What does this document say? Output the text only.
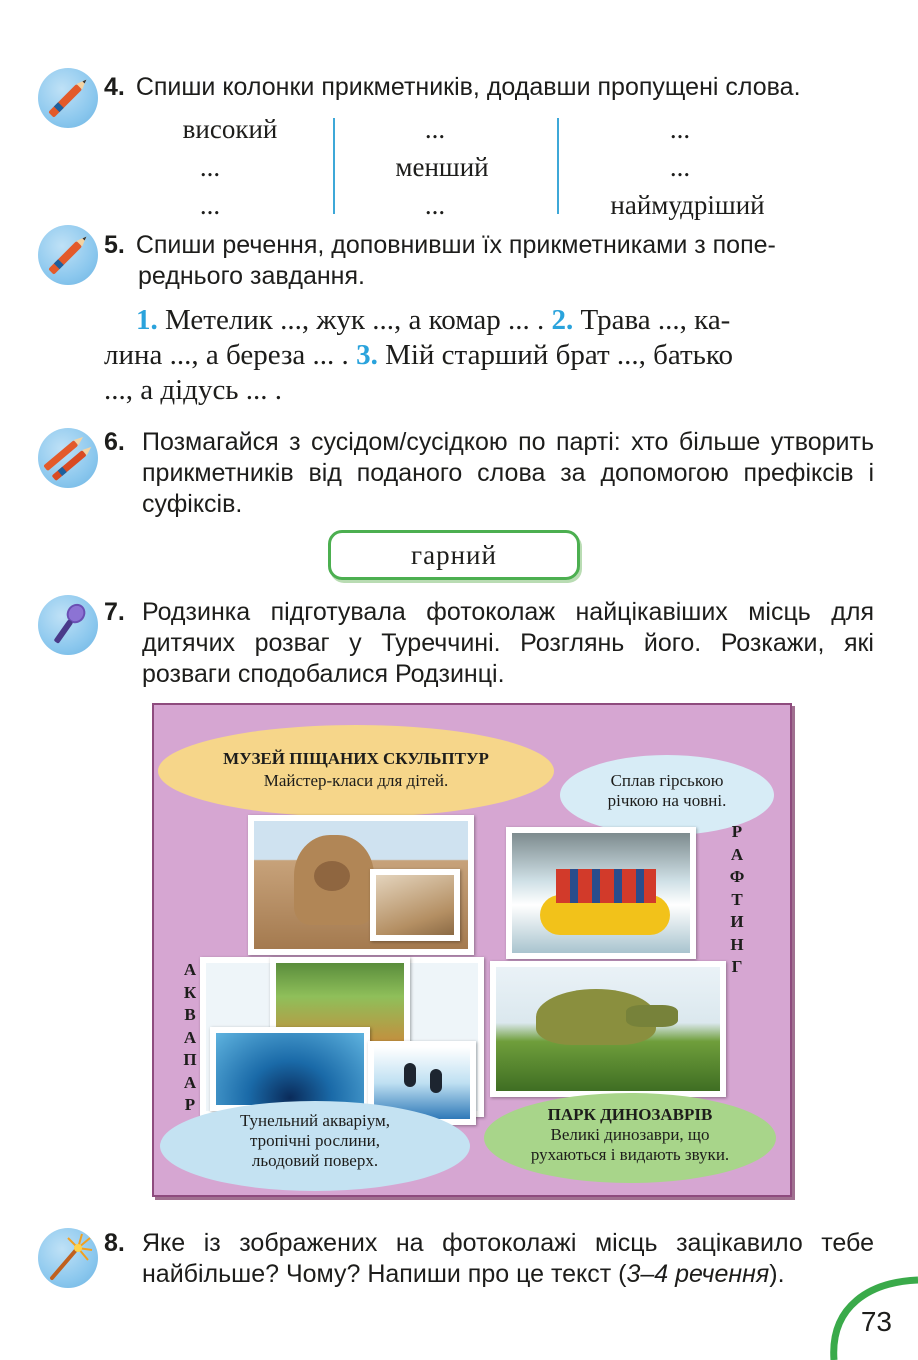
4. Спиши колонки прикметників, додавши пропущені слова.
високий
...
...
...
менший
...
...
...
наймудріший
5. Спиши речення, доповнивши їх прикметниками з попе-
реднього завдання.
1. Метелик ..., жук ..., а комар ... . 2. Трава ..., ка-
лина ..., а береза ... . 3. Мій старший брат ..., батько
..., а дідусь ... .
6. Позмагайся з сусідом/сусідкою по парті: хто більше утворить прикметників від поданого слова за допомогою префіксів і суфіксів.
гарний
7. Родзинка підготувала фотоколаж найцікавіших місць для дитячих розваг у Туреччині. Розглянь його. Розкажи, які розваги сподобалися Родзинці.
МУЗЕЙ ПІЩАНИХ СКУЛЬПТУР
Майстер-класи для дітей.	Сплав гірською
річкою на човні.
Р
А
Ф
Т
И
Н
Г
А
К
В
А
П
А
Р
Тунельний акваріум,
тропічні рослини,
льодовий поверх.
ПАРК ДИНОЗАВРІВ
Великі динозаври, що
рухаються і видають звуки.
8. Яке із зображених на фотоколажі місць зацікавило тебе найбільше? Чому? Напиши про це текст (3–4 речення).
73
